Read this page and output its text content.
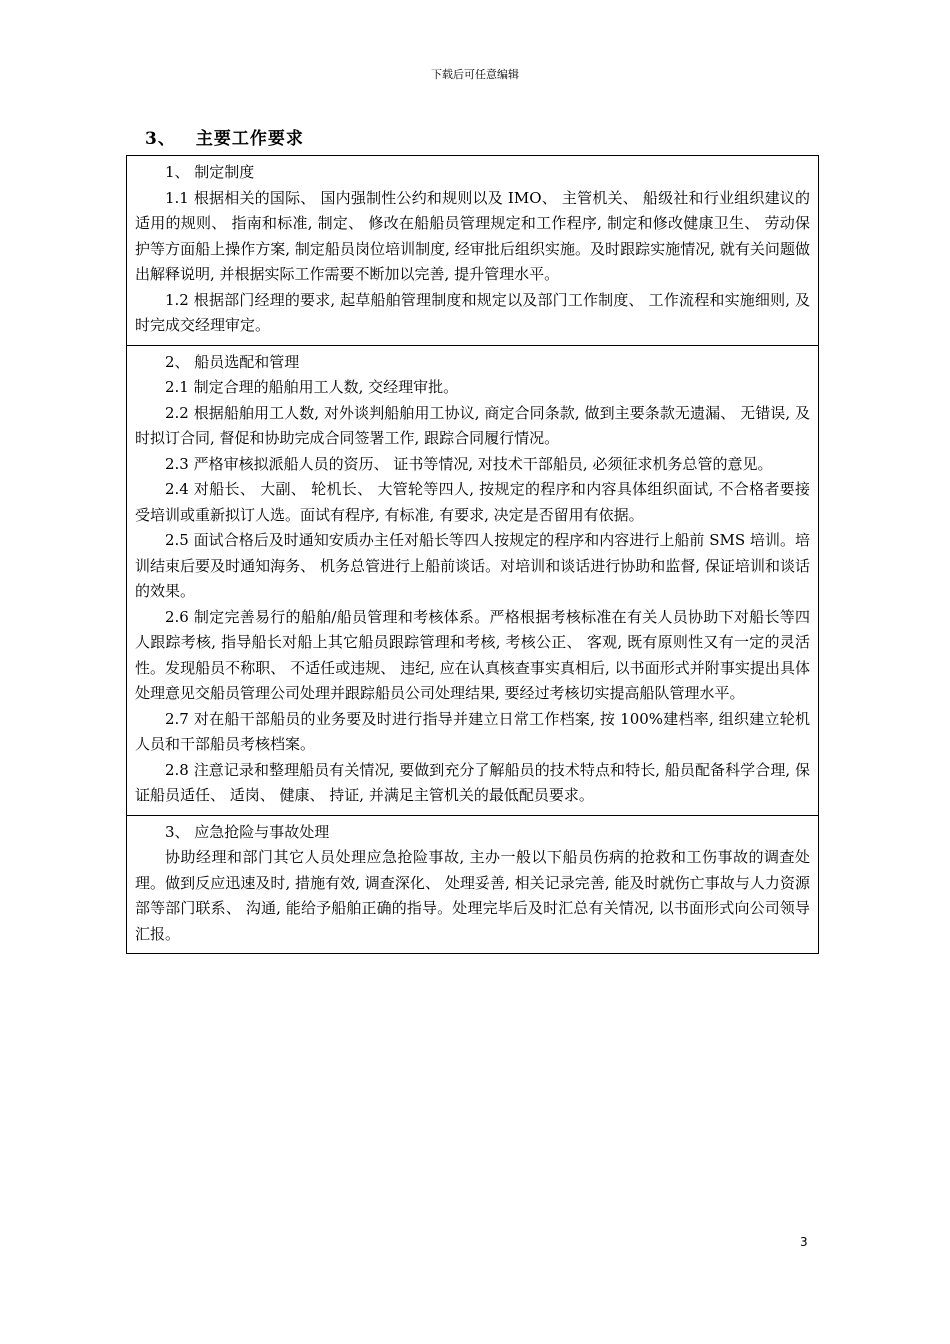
下载后可任意编辑
3、 主要工作要求
1、 制定制度

1.1 根据相关的国际、 国内强制性公约和规则以及 IMO、 主管机关、 船级社和行业组织建议的适用的规则、 指南和标准, 制定、 修改在船船员管理规定和工作程序, 制定和修改健康卫生、 劳动保护等方面船上操作方案, 制定船员岗位培训制度, 经审批后组织实施。及时跟踪实施情况, 就有关问题做出解释说明, 并根据实际工作需要不断加以完善, 提升管理水平。

1.2 根据部门经理的要求, 起草船舶管理制度和规定以及部门工作制度、 工作流程和实施细则, 及时完成交经理审定。

2、 船员选配和管理

2.1 制定合理的船舶用工人数, 交经理审批。

2.2 根据船舶用工人数, 对外谈判船舶用工协议, 商定合同条款, 做到主要条款无遗漏、 无错误, 及时拟订合同, 督促和协助完成合同签署工作, 跟踪合同履行情况。

2.3 严格审核拟派船人员的资历、 证书等情况, 对技术干部船员, 必须征求机务总管的意见。

2.4 对船长、 大副、 轮机长、 大管轮等四人, 按规定的程序和内容具体组织面试, 不合格者要接受培训或重新拟订人选。面试有程序, 有标准, 有要求, 决定是否留用有依据。

2.5 面试合格后及时通知安质办主任对船长等四人按规定的程序和内容进行上船前 SMS 培训。培训结束后要及时通知海务、 机务总管进行上船前谈话。对培训和谈话进行协助和监督, 保证培训和谈话的效果。

2.6 制定完善易行的船舶/船员管理和考核体系。严格根据考核标准在有关人员协助下对船长等四人跟踪考核, 指导船长对船上其它船员跟踪管理和考核, 考核公正、 客观, 既有原则性又有一定的灵活性。发现船员不称职、 不适任或违规、 违纪, 应在认真核查事实真相后, 以书面形式并附事实提出具体处理意见交船员管理公司处理并跟踪船员公司处理结果, 要经过考核切实提高船队管理水平。

2.7 对在船干部船员的业务要及时进行指导并建立日常工作档案, 按 100%建档率, 组织建立轮机人员和干部船员考核档案。

2.8 注意记录和整理船员有关情况, 要做到充分了解船员的技术特点和特长, 船员配备科学合理, 保证船员适任、 适岗、 健康、 持证, 并满足主管机关的最低配员要求。

3、 应急抢险与事故处理

协助经理和部门其它人员处理应急抢险事故, 主办一般以下船员伤病的抢救和工伤事故的调查处理。做到反应迅速及时, 措施有效, 调查深化、 处理妥善, 相关记录完善, 能及时就伤亡事故与人力资源部等部门联系、 沟通, 能给予船舶正确的指导。处理完毕后及时汇总有关情况, 以书面形式向公司领导汇报。

3
